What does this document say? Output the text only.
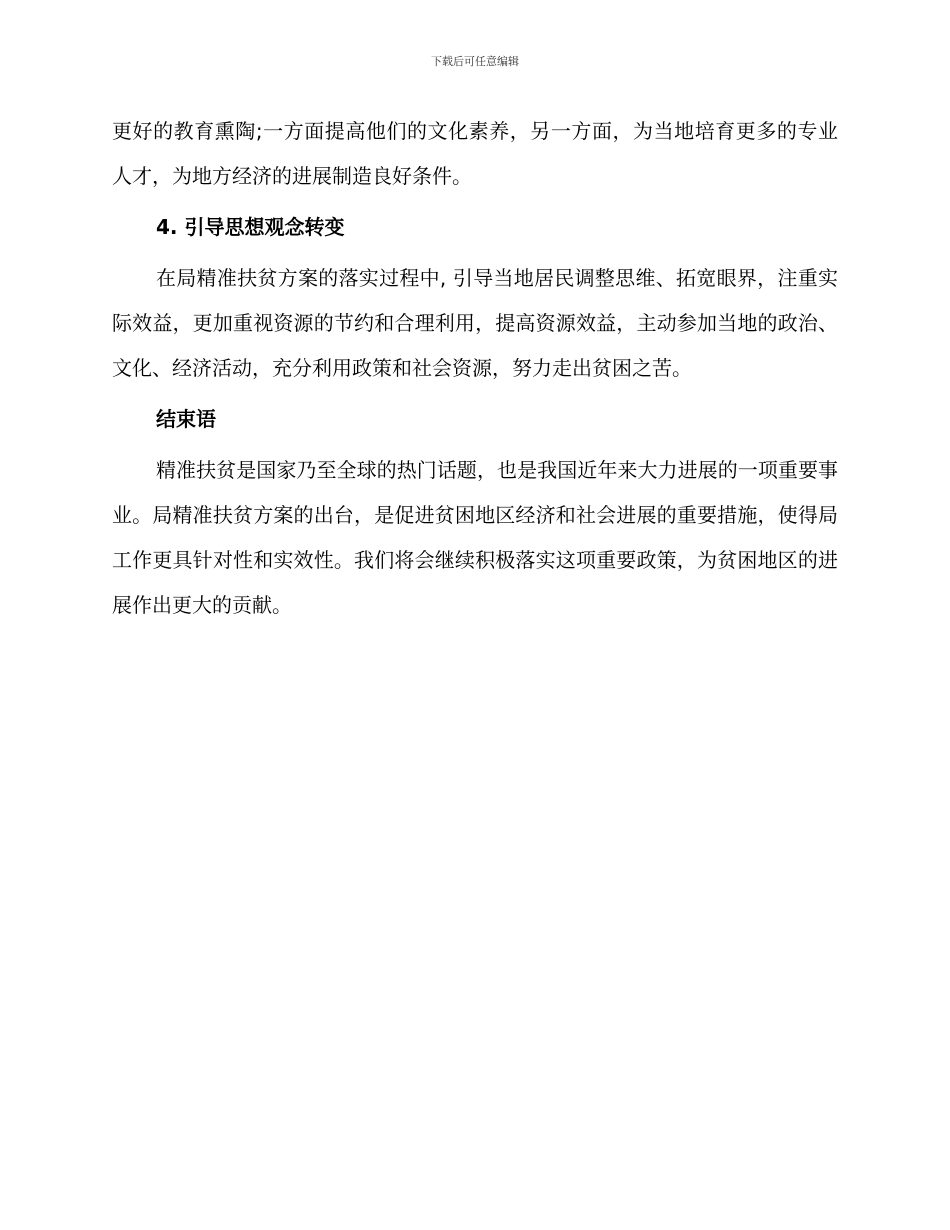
下载后可任意编辑

更好的教育熏陶;一方面提高他们的文化素养，另一方面，为当地培育更多的专业人才，为地方经济的进展制造良好条件。

4. 引导思想观念转变

在局精准扶贫方案的落实过程中, 引导当地居民调整思维、拓宽眼界，注重实际效益，更加重视资源的节约和合理利用，提高资源效益，主动参加当地的政治、文化、经济活动，充分利用政策和社会资源，努力走出贫困之苦。

结束语

精准扶贫是国家乃至全球的热门话题，也是我国近年来大力进展的一项重要事业。局精准扶贫方案的出台，是促进贫困地区经济和社会进展的重要措施，使得局工作更具针对性和实效性。我们将会继续积极落实这项重要政策，为贫困地区的进展作出更大的贡献。
